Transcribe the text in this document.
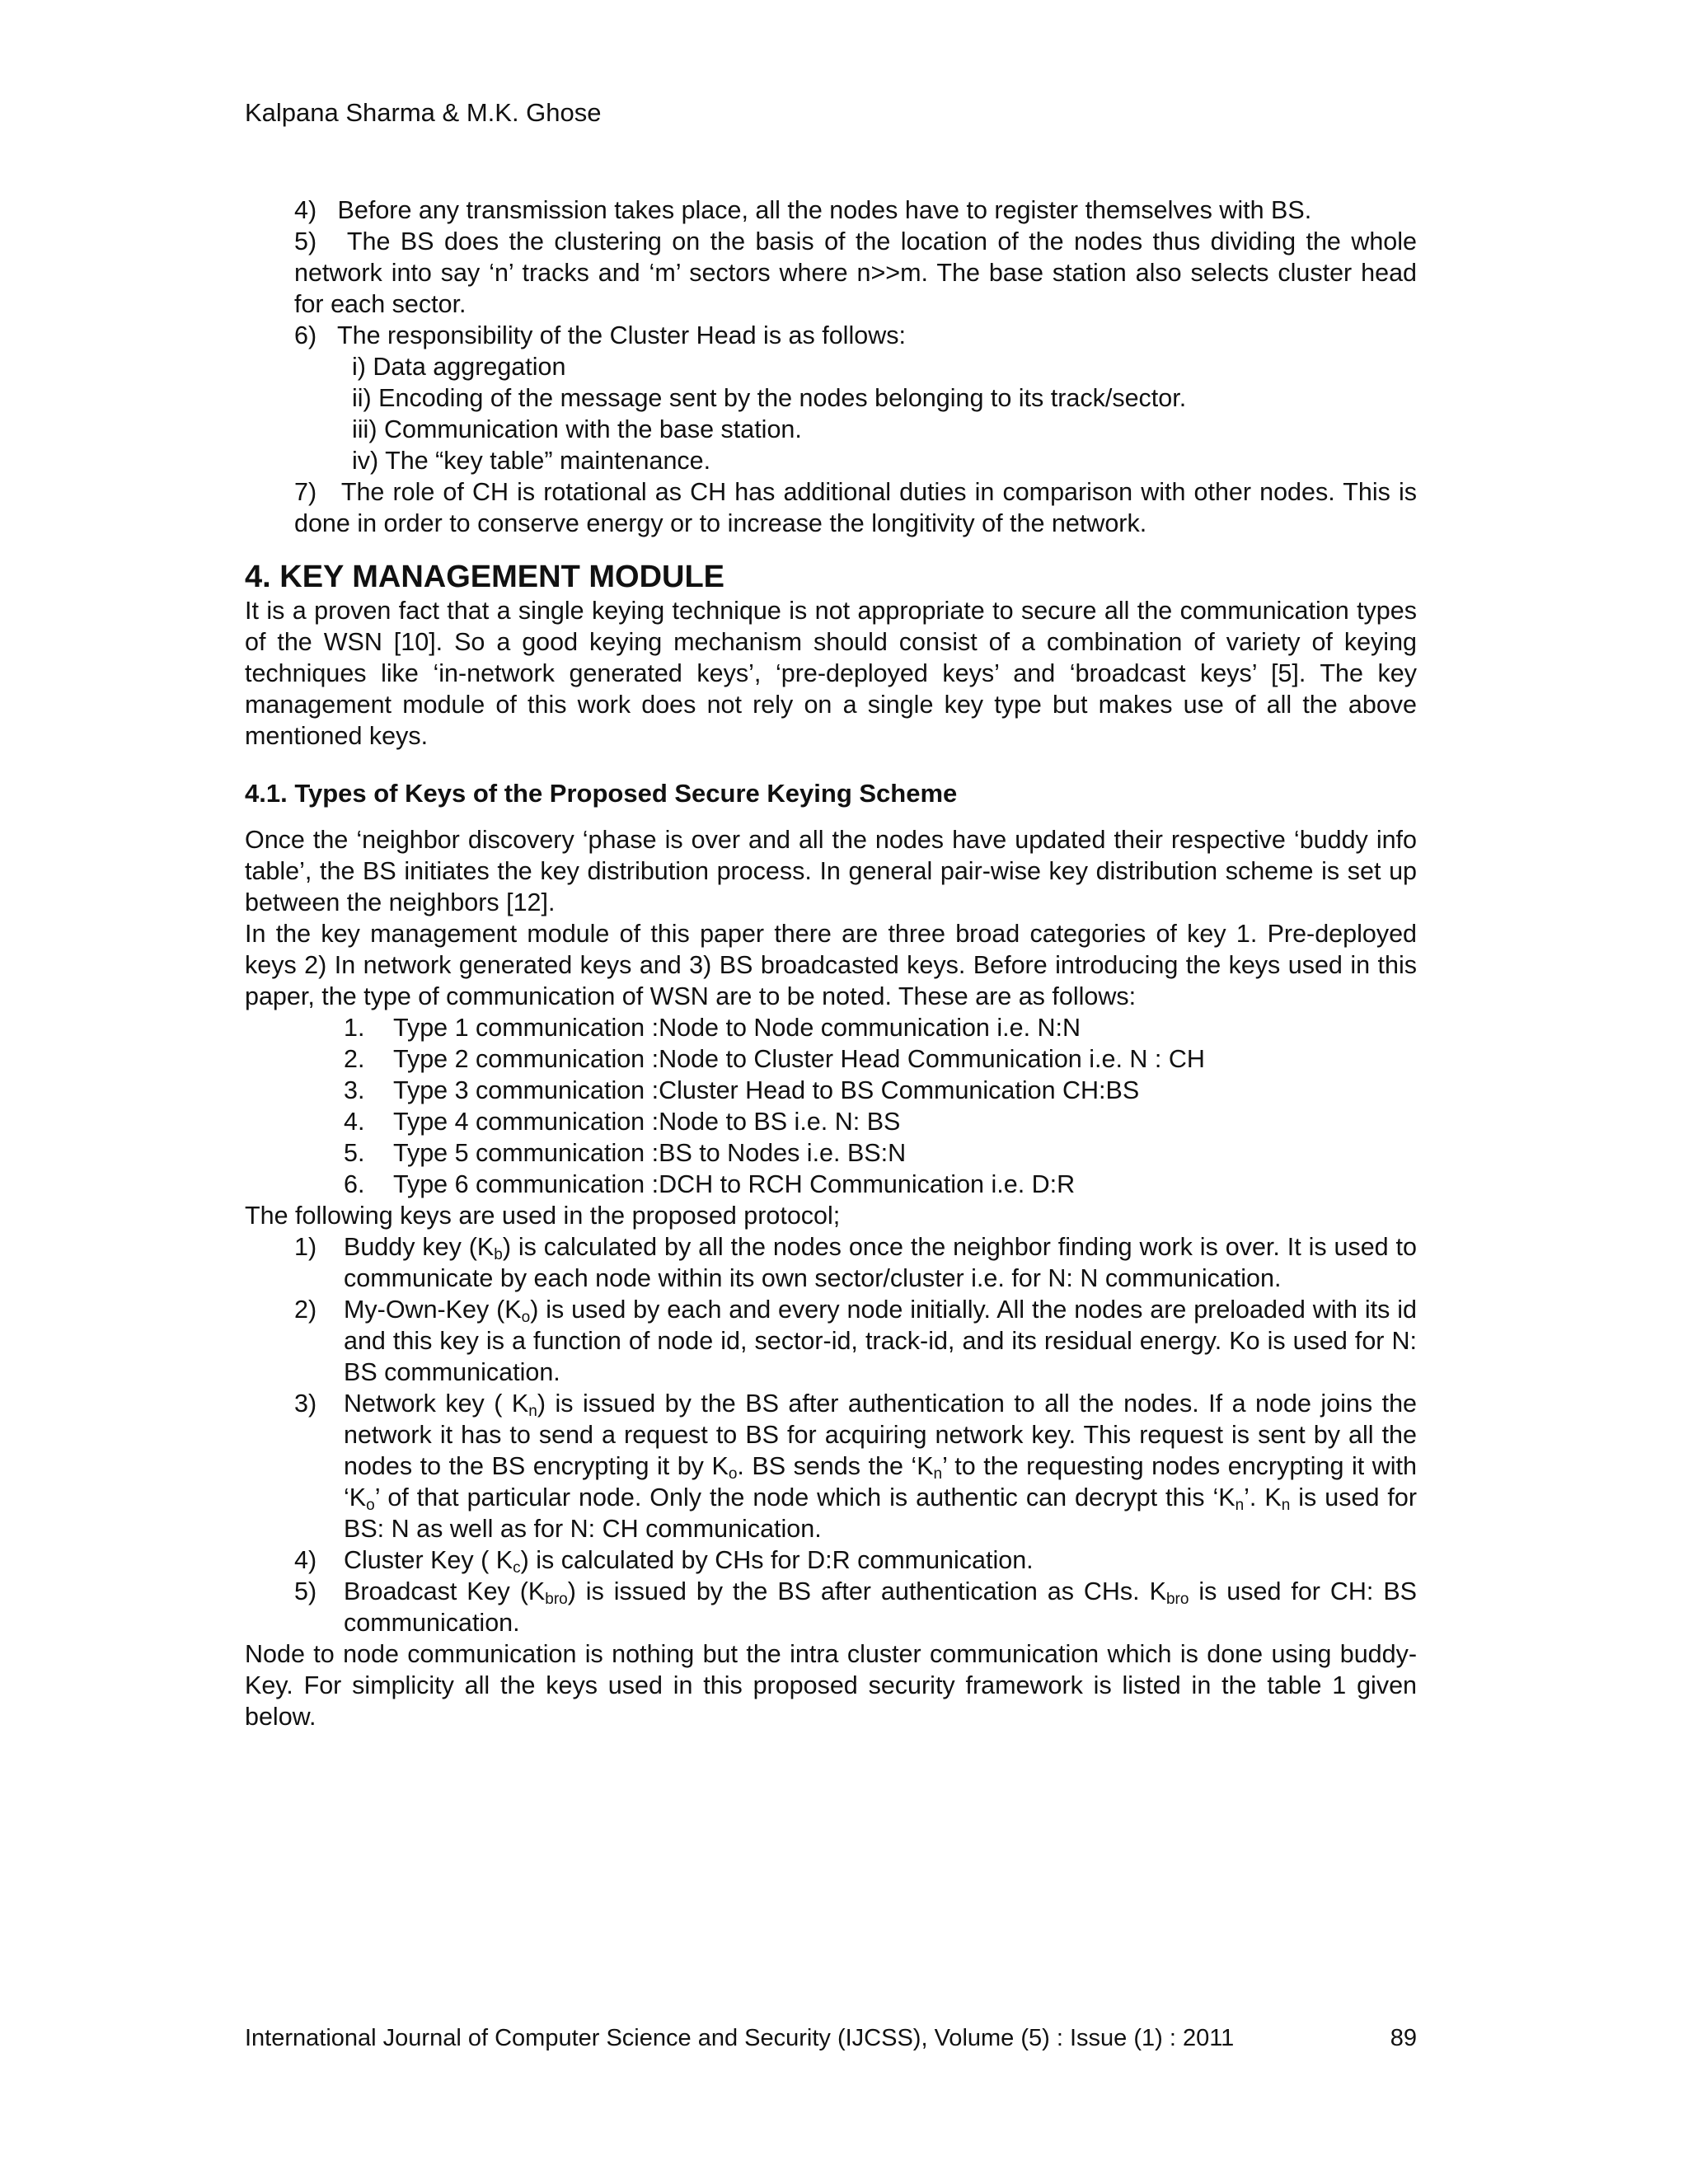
Kalpana Sharma & M.K. Ghose
4) Before any transmission takes place, all the nodes have to register themselves with BS.
5) The BS does the clustering on the basis of the location of the nodes thus dividing the whole network into say ‘n’ tracks and ‘m’ sectors where n>>m. The base station also selects cluster head for each sector.
6) The responsibility of the Cluster Head is as follows:
i) Data aggregation
ii) Encoding of the message sent by the nodes belonging to its track/sector.
iii) Communication with the base station.
iv) The “key table” maintenance.
7) The role of CH is rotational as CH has additional duties in comparison with other nodes. This is done in order to conserve energy or to increase the longitivity of the network.
4. KEY MANAGEMENT MODULE
It is a proven fact that a single keying technique is not appropriate to secure all the communication types of the WSN [10]. So a good keying mechanism should consist of a combination of variety of keying techniques like ‘in-network generated keys’, ‘pre-deployed keys’ and ‘broadcast keys’ [5]. The key management module of this work does not rely on a single key type but makes use of all the above mentioned keys.
4.1. Types of Keys of the Proposed Secure Keying Scheme
Once the ‘neighbor discovery ‘phase is over and all the nodes have updated their respective ‘buddy info table’, the BS initiates the key distribution process. In general pair-wise key distribution scheme is set up between the neighbors [12].
In the key management module of this paper there are three broad categories of key 1. Pre-deployed keys 2) In network generated keys and 3) BS broadcasted keys. Before introducing the keys used in this paper, the type of communication of WSN are to be noted. These are as follows:
1.	Type 1 communication :Node to Node communication i.e. N:N
2.	Type 2 communication :Node to Cluster Head Communication i.e. N : CH
3.	Type 3 communication :Cluster Head to BS Communication CH:BS
4.	Type 4 communication :Node to BS i.e. N: BS
5.	Type 5 communication :BS to Nodes i.e. BS:N
6.	Type 6 communication :DCH to RCH Communication i.e. D:R
The following keys are used in the proposed protocol;
1)	Buddy key $(K_b)$ is calculated by all the nodes once the neighbor finding work is over. It is used to communicate by each node within its own sector/cluster i.e. for N: N communication.
2)	My-Own-Key $(K_o)$ is used by each and every node initially. All the nodes are preloaded with its id and this key is a function of node id, sector-id, track-id, and its residual energy. Ko is used for N: BS communication.
3)	Network key ( $K_n$) is issued by the BS after authentication to all the nodes. If a node joins the network it has to send a request to BS for acquiring network key. This request is sent by all the nodes to the BS encrypting it by $K_o$. BS sends the ‘$K_n$’ to the requesting nodes encrypting it with ‘$K_o$’ of that particular node. Only the node which is authentic can decrypt this ‘$K_n$’. $K_n$ is used for BS: N as well as for N: CH communication.
4)	Cluster Key ( $K_c$) is calculated by CHs for D:R communication.
5)	Broadcast Key $(K_{bro})$ is issued by the BS after authentication as CHs. $K_{bro}$ is used for CH: BS communication.
Node to node communication is nothing but the intra cluster communication which is done using buddy- Key. For simplicity all the keys used in this proposed security framework is listed in the table 1 given below.
International Journal of Computer Science and Security (IJCSS), Volume (5) : Issue (1) : 2011	89
